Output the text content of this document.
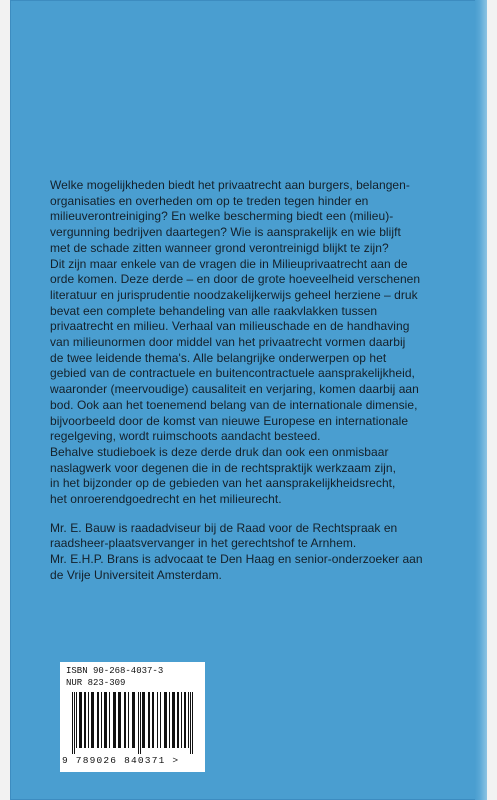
Welke mogelijkheden biedt het privaatrecht aan burgers, belangen-
organisaties en overheden om op te treden tegen hinder en
milieuverontreiniging? En welke bescherming biedt een (milieu)-
vergunning bedrijven daartegen? Wie is aansprakelijk en wie blijft
met de schade zitten wanneer grond verontreinigd blijkt te zijn?
Dit zijn maar enkele van de vragen die in Milieuprivaatrecht aan de
orde komen. Deze derde – en door de grote hoeveelheid verschenen
literatuur en jurisprudentie noodzakelijkerwijs geheel herziene – druk
bevat een complete behandeling van alle raakvlakken tussen
privaatrecht en milieu. Verhaal van milieuschade en de handhaving
van milieunormen door middel van het privaatrecht vormen daarbij
de twee leidende thema's. Alle belangrijke onderwerpen op het
gebied van de contractuele en buitencontractuele aansprakelijkheid,
waaronder (meervoudige) causaliteit en verjaring, komen daarbij aan
bod. Ook aan het toenemend belang van de internationale dimensie,
bijvoorbeeld door de komst van nieuwe Europese en internationale
regelgeving, wordt ruimschoots aandacht besteed.
Behalve studieboek is deze derde druk dan ook een onmisbaar
naslagwerk voor degenen die in de rechtspraktijk werkzaam zijn,
in het bijzonder op de gebieden van het aansprakelijkheidsrecht,
het onroerendgoedrecht en het milieurecht.
Mr. E. Bauw is raadadviseur bij de Raad voor de Rechtspraak en
raadsheer-plaatsvervanger in het gerechtshof te Arnhem.
Mr. E.H.P. Brans is advocaat te Den Haag en senior-onderzoeker aan
de Vrije Universiteit Amsterdam.
ISBN 90-268-4037-3
NUR 823-309
9 789026 840371 >
